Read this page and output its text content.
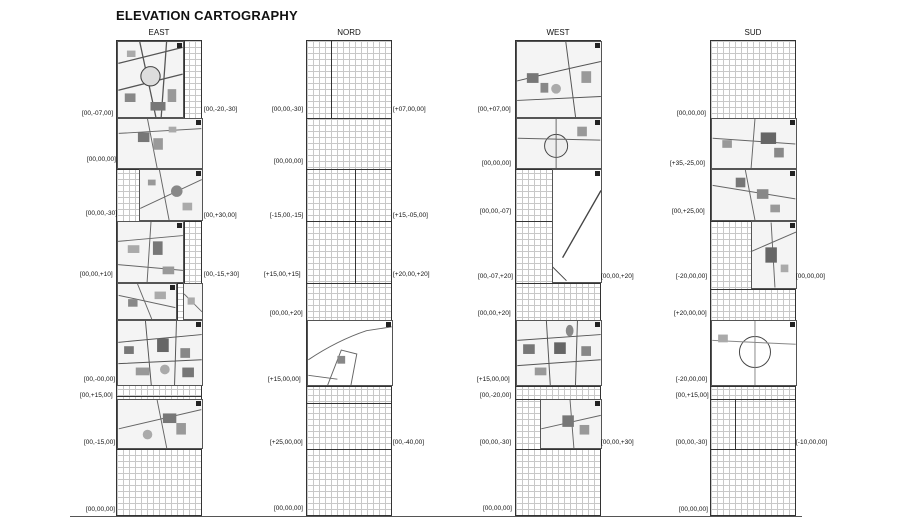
ELEVATION CARTOGRAPHY
EAST	NORD	WEST	SUD
[00,-07,00]
[00,00,00]
[00,00,-30]
[00,00,+10]
[00,-00,00]
[00,+15,00]
[00,-15,00]
[00,00,00]
[00,-20,-30]
[00,+30,00]
[00,-15,+30]
[00,00,-30]
[00,00,00]
[-15,00,-15]
[+15,00,+15]
[00,00,+20]
[+15,00,00]
[+25,00,00]
[00,00,00]
[+07,00,00]
[+15,-05,00]
[+20,00,+20]
[00,-40,00]
[00,+07,00]
[00,00,00]
[00,00,-07]
[00,-07,+20]
[00,00,+20]
[+15,00,00]
[00,-20,00]
[00,00,-30]
[00,00,00]
[00,00,+20]
[00,00,+30]
[00,00,00]
[+35,-25,00]
[00,+25,00]
[-20,00,00]
[+20,00,00]
[-20,00,00]
[00,+15,00]
[00,00,-30]
[00,00,00]
[00,00,00]
[-10,00,00]
